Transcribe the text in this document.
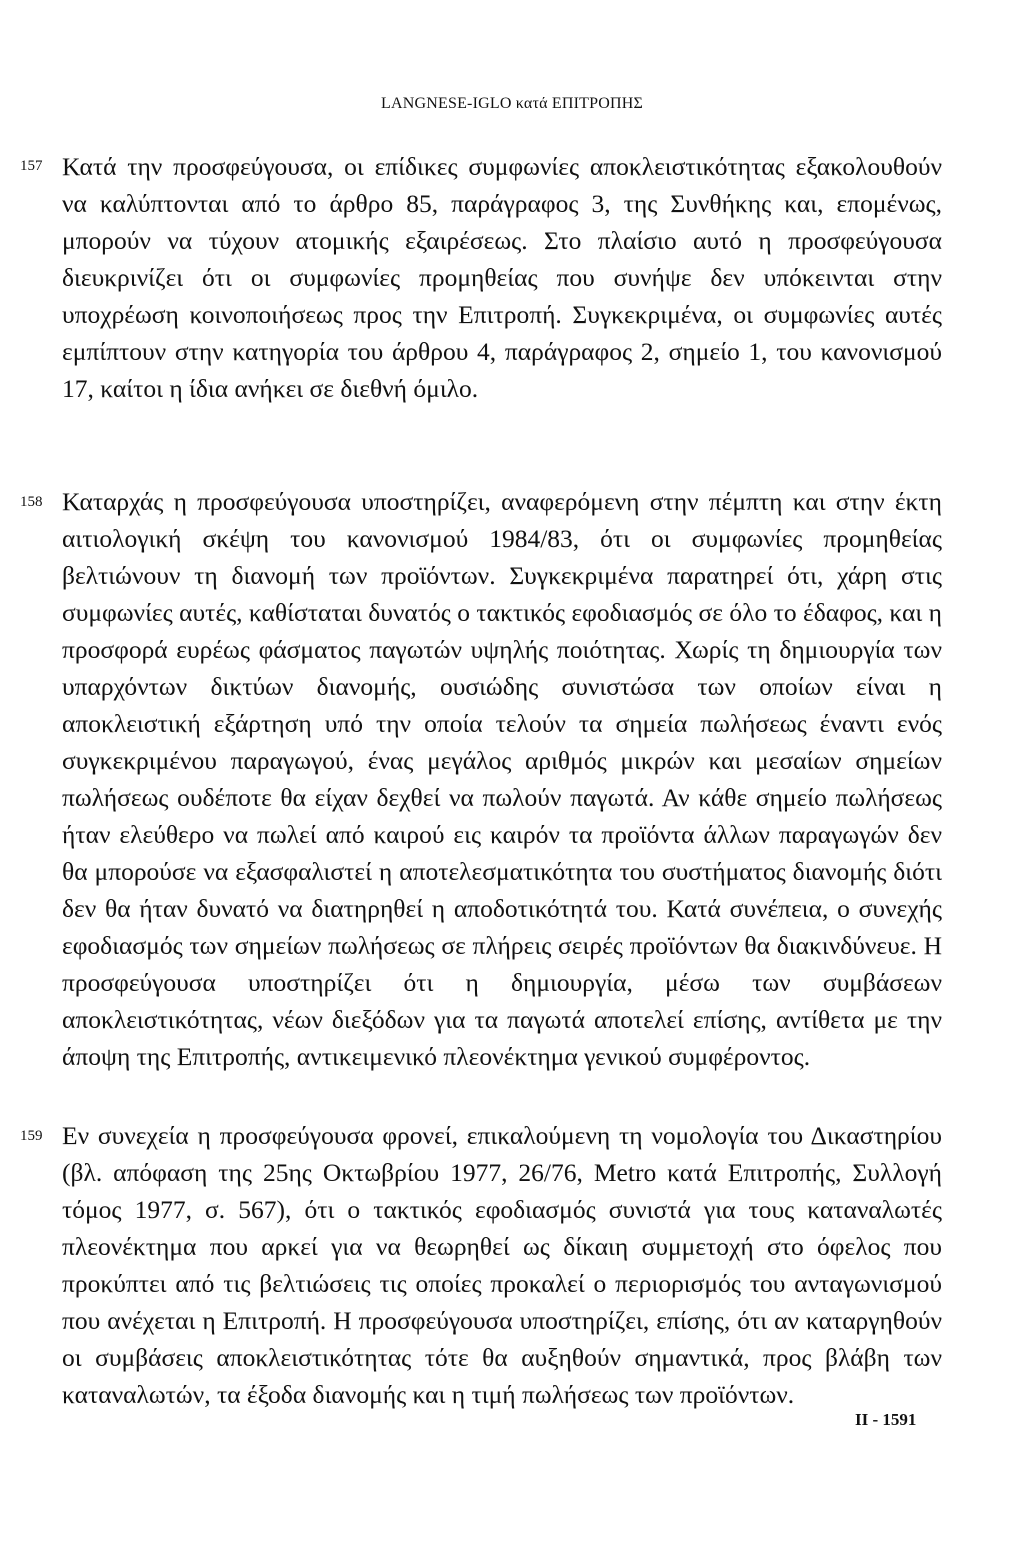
LANGNESE-IGLO κατά ΕΠΙΤΡΟΠΗΣ
157 Κατά την προσφεύγουσα, οι επίδικες συμφωνίες αποκλειστικότητας εξακολουθούν να καλύπτονται από το άρθρο 85, παράγραφος 3, της Συνθήκης και, επομένως, μπορούν να τύχουν ατομικής εξαιρέσεως. Στο πλαίσιο αυτό η προσφεύγουσα διευκρινίζει ότι οι συμφωνίες προμηθείας που συνήψε δεν υπόκεινται στην υποχρέωση κοινοποιήσεως προς την Επιτροπή. Συγκεκριμένα, οι συμφωνίες αυτές εμπίπτουν στην κατηγορία του άρθρου 4, παράγραφος 2, σημείο 1, του κανονισμού 17, καίτοι η ίδια ανήκει σε διεθνή όμιλο.

158 Καταρχάς η προσφεύγουσα υποστηρίζει, αναφερόμενη στην πέμπτη και στην έκτη αιτιολογική σκέψη του κανονισμού 1984/83, ότι οι συμφωνίες προμηθείας βελτιώνουν τη διανομή των προϊόντων. Συγκεκριμένα παρατηρεί ότι, χάρη στις συμφωνίες αυτές, καθίσταται δυνατός ο τακτικός εφοδιασμός σε όλο το έδαφος, και η προσφορά ευρέως φάσματος παγωτών υψηλής ποιότητας. Χωρίς τη δημιουργία των υπαρχόντων δικτύων διανομής, ουσιώδης συνιστώσα των οποίων είναι η αποκλειστική εξάρτηση υπό την οποία τελούν τα σημεία πωλήσεως έναντι ενός συγκεκριμένου παραγωγού, ένας μεγάλος αριθμός μικρών και μεσαίων σημείων πωλήσεως ουδέποτε θα είχαν δεχθεί να πωλούν παγωτά. Αν κάθε σημείο πωλήσεως ήταν ελεύθερο να πωλεί από καιρού εις καιρόν τα προϊόντα άλλων παραγωγών δεν θα μπορούσε να εξασφαλιστεί η αποτελεσματικότητα του συστήματος διανομής διότι δεν θα ήταν δυνατό να διατηρηθεί η αποδοτικότητά του. Κατά συνέπεια, ο συνεχής εφοδιασμός των σημείων πωλήσεως σε πλήρεις σειρές προϊόντων θα διακινδύνευε. Η προσφεύγουσα υποστηρίζει ότι η δημιουργία, μέσω των συμβάσεων αποκλειστικότητας, νέων διεξόδων για τα παγωτά αποτελεί επίσης, αντίθετα με την άποψη της Επιτροπής, αντικειμενικό πλεονέκτημα γενικού συμφέροντος.

159 Εν συνεχεία η προσφεύγουσα φρονεί, επικαλούμενη τη νομολογία του Δικαστηρίου (βλ. απόφαση της 25ης Οκτωβρίου 1977, 26/76, Metro κατά Επιτροπής, Συλλογή τόμος 1977, σ. 567), ότι ο τακτικός εφοδιασμός συνιστά για τους καταναλωτές πλεονέκτημα που αρκεί για να θεωρηθεί ως δίκαιη συμμετοχή στο όφελος που προκύπτει από τις βελτιώσεις τις οποίες προκαλεί ο περιορισμός του ανταγωνισμού που ανέχεται η Επιτροπή. Η προσφεύγουσα υποστηρίζει, επίσης, ότι αν καταργηθούν οι συμβάσεις αποκλειστικότητας τότε θα αυξηθούν σημαντικά, προς βλάβη των καταναλωτών, τα έξοδα διανομής και η τιμή πωλήσεως των προϊόντων.

II - 1591
